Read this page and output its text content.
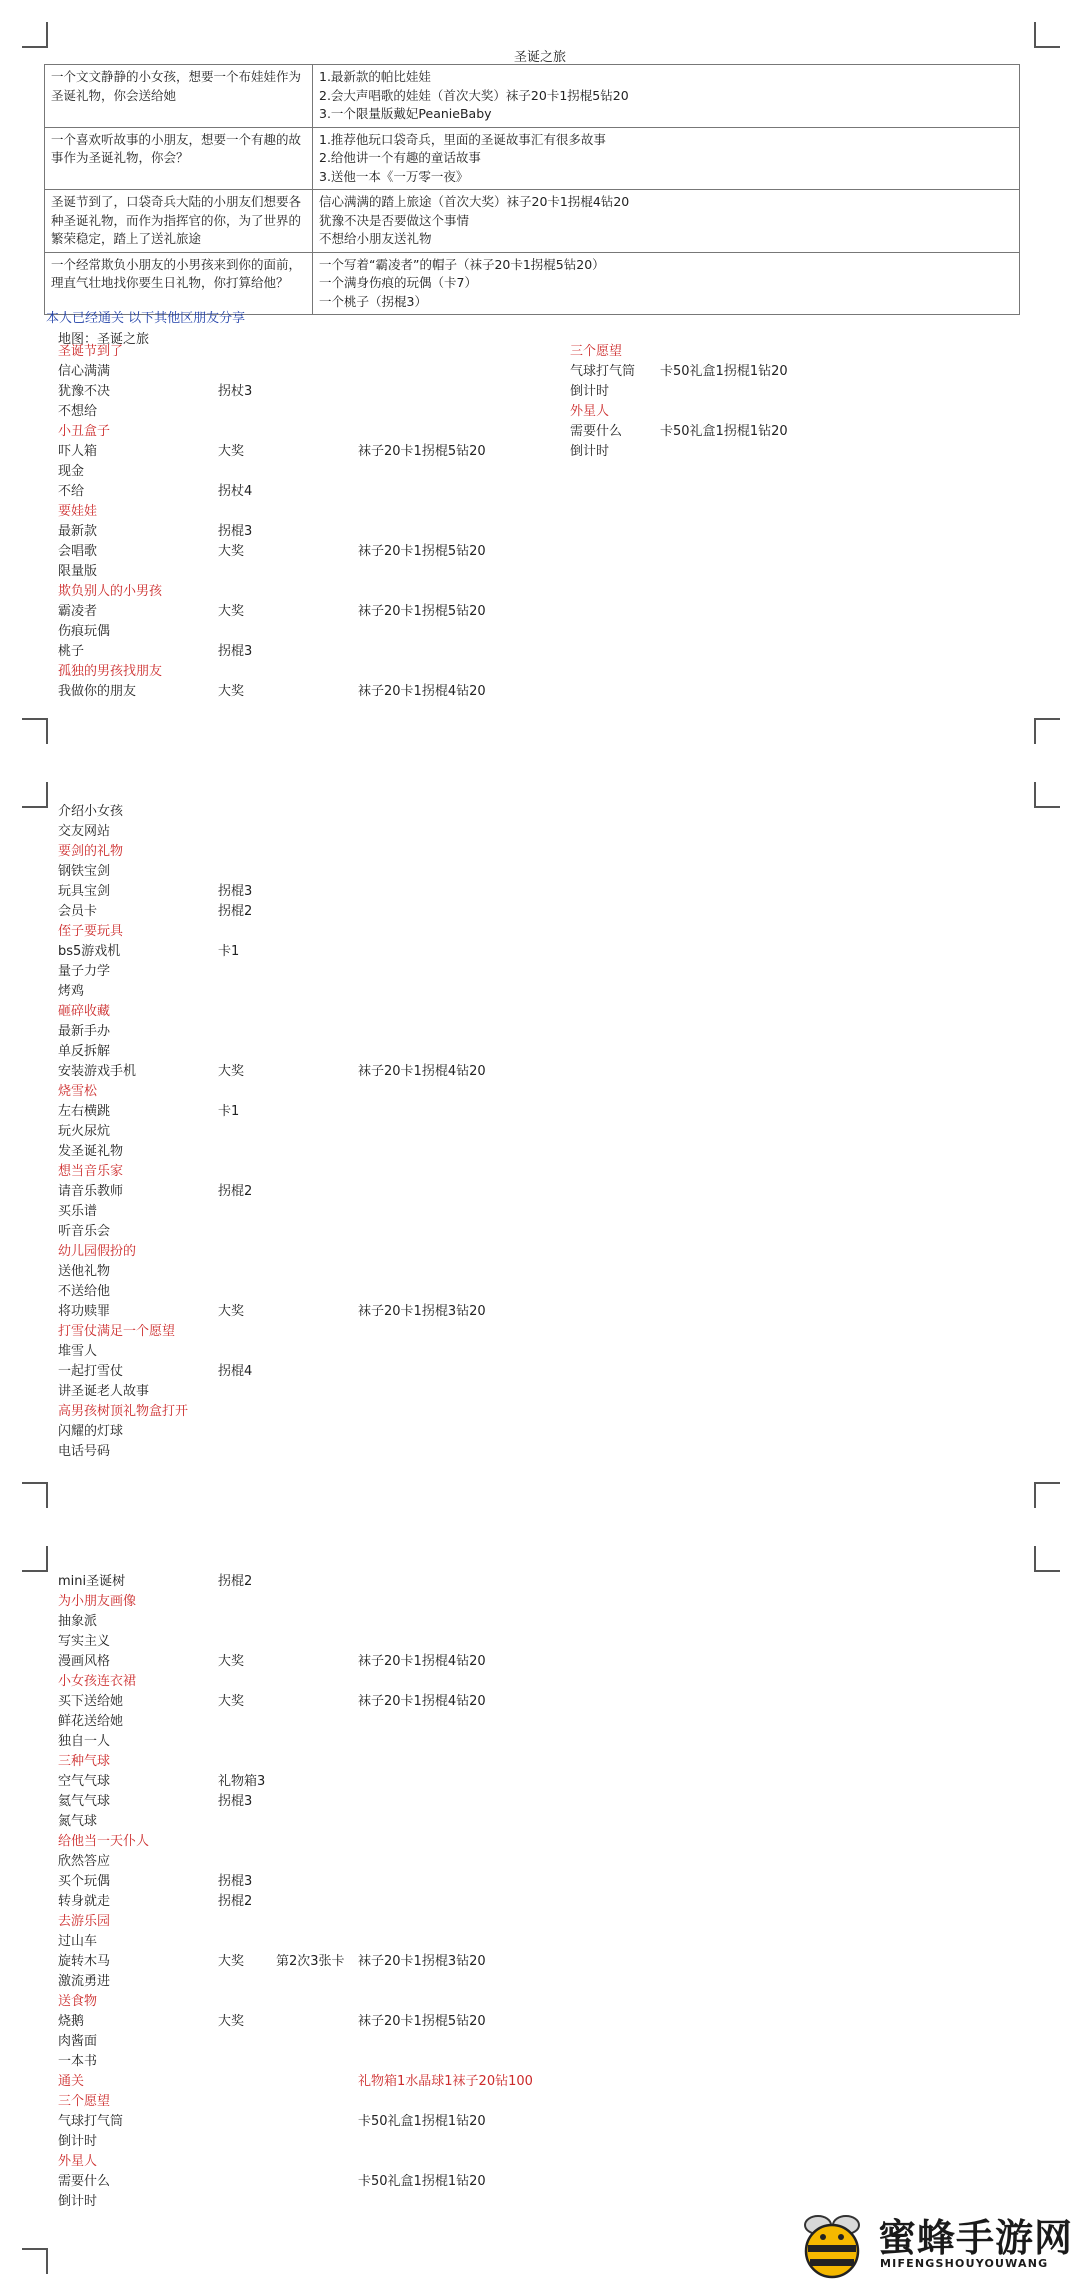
圣诞之旅
一个文文静静的小女孩，想要一个布娃娃作为圣诞礼物，你会送给她	1.最新款的帕比娃娃
2.会大声唱歌的娃娃（首次大奖）袜子20卡1拐棍5钻20
3.一个限量版戴妃PeanieBaby

一个喜欢听故事的小朋友，想要一个有趣的故事作为圣诞礼物，你会？	1.推荐他玩口袋奇兵，里面的圣诞故事汇有很多故事
2.给他讲一个有趣的童话故事
3.送他一本《一万零一夜》

圣诞节到了，口袋奇兵大陆的小朋友们想要各种圣诞礼物，而作为指挥官的你，为了世界的繁荣稳定，踏上了送礼旅途	信心满满的踏上旅途（首次大奖）袜子20卡1拐棍4钻20
犹豫不决是否要做这个事情
不想给小朋友送礼物

一个经常欺负小朋友的小男孩来到你的面前，理直气壮地找你要生日礼物，你打算给他？	一个写着“霸凌者”的帽子（袜子20卡1拐棍5钻20）
一个满身伤痕的玩偶（卡7）
一个桃子（拐棍3）
本人已经通关 以下其他区朋友分享
地图：圣诞之旅
圣诞节到了
信心满满
犹豫不决	拐杖3
不想给
小丑盒子
吓人箱	大奖	袜子20卡1拐棍5钻20
现金
不给	拐杖4
要娃娃
最新款	拐棍3
会唱歌	大奖	袜子20卡1拐棍5钻20
限量版
欺负别人的小男孩
霸凌者	大奖	袜子20卡1拐棍5钻20
伤痕玩偶
桃子	拐棍3
孤独的男孩找朋友
我做你的朋友	大奖	袜子20卡1拐棍4钻20
三个愿望
气球打气筒 卡50礼盒1拐棍1钻20
倒计时
外星人
需要什么	卡50礼盒1拐棍1钻20
倒计时
介绍小女孩
交友网站
要剑的礼物
钢铁宝剑
玩具宝剑	拐棍3
会员卡	拐棍2
侄子要玩具
bs5游戏机	卡1
量子力学
烤鸡
砸碎收藏
最新手办
单反拆解
安装游戏手机	大奖	袜子20卡1拐棍4钻20
烧雪松
左右横跳	卡1
玩火尿炕
发圣诞礼物
想当音乐家
请音乐教师	拐棍2
买乐谱
听音乐会
幼儿园假扮的
送他礼物
不送给他
将功赎罪	大奖	袜子20卡1拐棍3钻20
打雪仗满足一个愿望
堆雪人
一起打雪仗	拐棍4
讲圣诞老人故事
高男孩树顶礼物盒打开
闪耀的灯球
电话号码
mini圣诞树	拐棍2
为小朋友画像
抽象派
写实主义
漫画风格	大奖	袜子20卡1拐棍4钻20
小女孩连衣裙
买下送给她	大奖	袜子20卡1拐棍4钻20
鲜花送给她
独自一人
三种气球
空气气球	礼物箱3
氦气气球	拐棍3
氮气球
给他当一天仆人
欣然答应
买个玩偶	拐棍3
转身就走	拐棍2
去游乐园
过山车
旋转木马	大奖 第2次3张卡 袜子20卡1拐棍3钻20
激流勇进
送食物
烧鹅	大奖	袜子20卡1拐棍5钻20
肉酱面
一本书
通关	礼物箱1水晶球1袜子20钻100
三个愿望
气球打气筒	卡50礼盒1拐棍1钻20
倒计时
外星人
需要什么	卡50礼盒1拐棍1钻20
倒计时
蜜蜂手游网
MIFENGSHOUYOUWANG
